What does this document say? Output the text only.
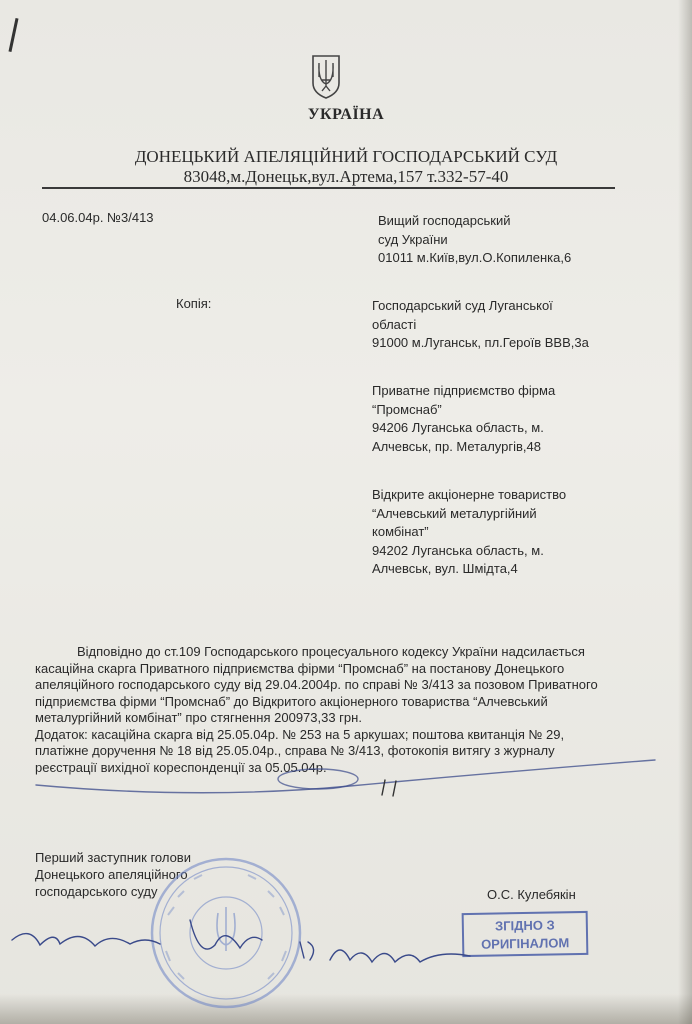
УКРАЇНА
ДОНЕЦЬКИЙ АПЕЛЯЦІЙНИЙ ГОСПОДАРСЬКИЙ СУД
83048,м.Донецьк,вул.Артема,157 т.332-57-40
04.06.04р. №3/413
Копія:
Вищий господарський
суд України
01011 м.Київ,вул.О.Копиленка,6
Господарський суд Луганської
області
91000 м.Луганськ, пл.Героїв ВВВ,3а
Приватне підприємство фірма
“Промснаб”
94206 Луганська область, м.
Алчевськ, пр. Металургів,48
Відкрите акціонерне товариство
“Алчевський металургійний
комбінат”
94202 Луганська область, м.
Алчевськ, вул. Шмідта,4
Відповідно до ст.109 Господарського процесуального кодексу України надсилається
касаційна скарга Приватного підприємства фірми “Промснаб” на постанову Донецького
апеляційного господарського суду від 29.04.2004р. по справі № 3/413 за позовом Приватного
підприємства фірми “Промснаб” до Відкритого акціонерного товариства “Алчевський
металургійний комбінат” про стягнення 200973,33 грн.
Додаток: касаційна скарга від 25.05.04р. № 253 на 5 аркушах; поштова квитанція № 29,
платіжне доручення № 18 від 25.05.04р., справа № 3/413, фотокопія витягу з журналу
реєстрації вихідної кореспонденції за 05.05.04р.
Перший заступник голови
Донецького апеляційного
господарського суду	О.С. Кулебякін
ЗГІДНО З
ОРИГІНАЛОМ
